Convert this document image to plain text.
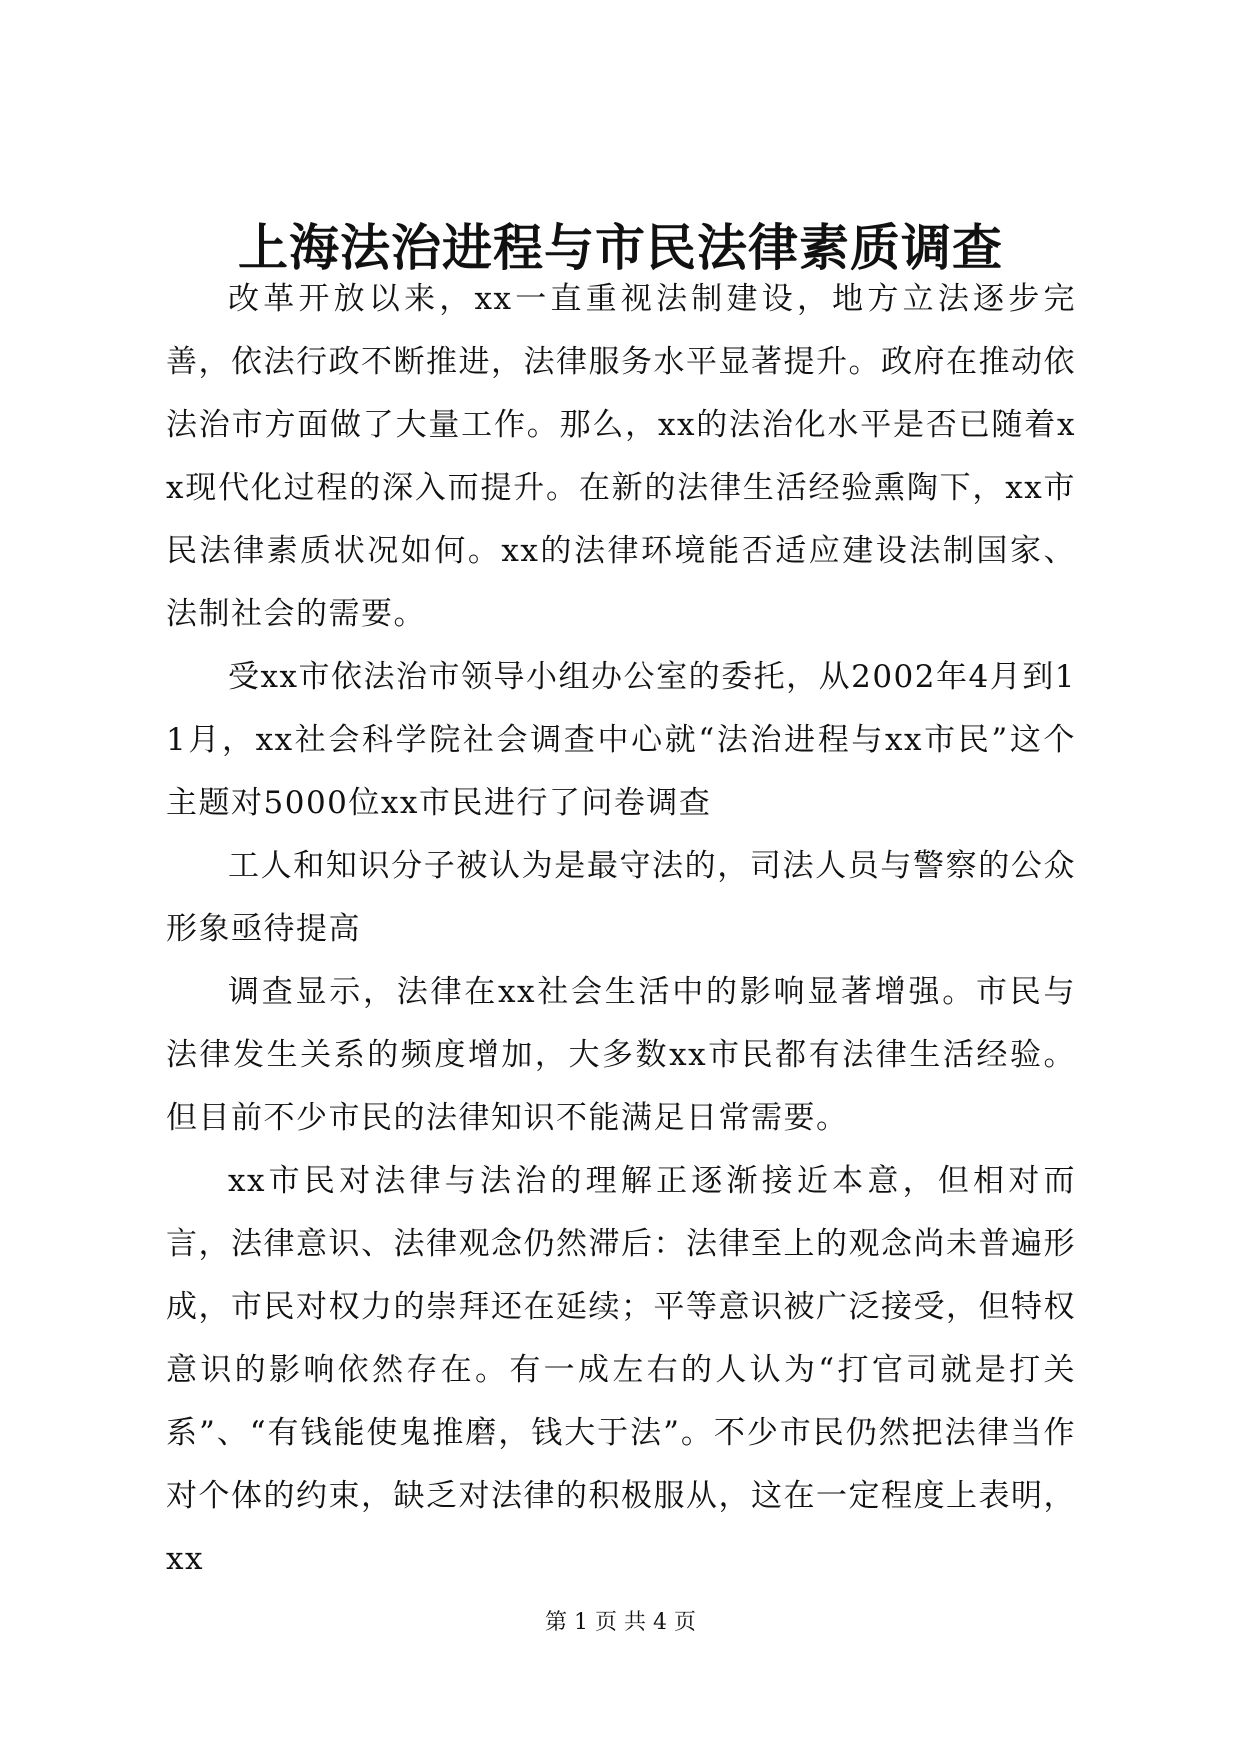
上海法治进程与市民法律素质调查

改革开放以来，xx一直重视法制建设，地方立法逐步完善，依法行政不断推进，法律服务水平显著提升。政府在推动依法治市方面做了大量工作。那么，xx的法治化水平是否已随着xx现代化过程的深入而提升。在新的法律生活经验熏陶下，xx市民法律素质状况如何。xx的法律环境能否适应建设法制国家、法制社会的需要。

受xx市依法治市领导小组办公室的委托，从2002年4月到11月，xx社会科学院社会调查中心就“法治进程与xx市民”这个主题对5000位xx市民进行了问卷调查

工人和知识分子被认为是最守法的，司法人员与警察的公众形象亟待提高

调查显示，法律在xx社会生活中的影响显著增强。市民与法律发生关系的频度增加，大多数xx市民都有法律生活经验。但目前不少市民的法律知识不能满足日常需要。

xx市民对法律与法治的理解正逐渐接近本意，但相对而言，法律意识、法律观念仍然滞后：法律至上的观念尚未普遍形成，市民对权力的崇拜还在延续；平等意识被广泛接受，但特权意识的影响依然存在。有一成左右的人认为“打官司就是打关系”、“有钱能使鬼推磨，钱大于法”。不少市民仍然把法律当作对个体的约束，缺乏对法律的积极服从，这在一定程度上表明，xx

第 1 页 共 4 页
